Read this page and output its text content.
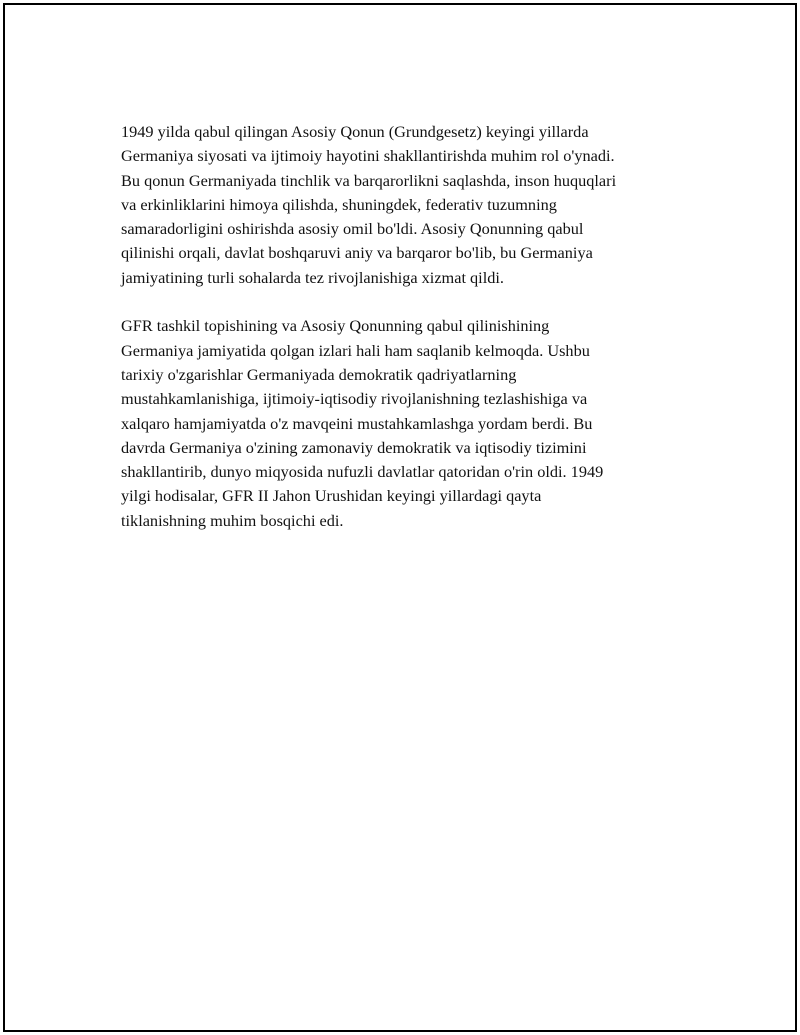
1949 yilda qabul qilingan Asosiy Qonun (Grundgesetz) keyingi yillarda
Germaniya siyosati va ijtimoiy hayotini shakllantirishda muhim rol o'ynadi.
Bu qonun Germaniyada tinchlik va barqarorlikni saqlashda, inson huquqlari
va erkinliklarini himoya qilishda, shuningdek, federativ tuzumning
samaradorligini oshirishda asosiy omil bo'ldi. Asosiy Qonunning qabul
qilinishi orqali, davlat boshqaruvi aniy va barqaror bo'lib, bu Germaniya
jamiyatining turli sohalarda tez rivojlanishiga xizmat qildi.

GFR tashkil topishining va Asosiy Qonunning qabul qilinishining
Germaniya jamiyatida qolgan izlari hali ham saqlanib kelmoqda. Ushbu
tarixiy o'zgarishlar Germaniyada demokratik qadriyatlarning
mustahkamlanishiga, ijtimoiy-iqtisodiy rivojlanishning tezlashishiga va
xalqaro hamjamiyatda o'z mavqeini mustahkamlashga yordam berdi. Bu
davrda Germaniya o'zining zamonaviy demokratik va iqtisodiy tizimini
shakllantirib, dunyo miqyosida nufuzli davlatlar qatoridan o'rin oldi. 1949
yilgi hodisalar, GFR II Jahon Urushidan keyingi yillardagi qayta
tiklanishning muhim bosqichi edi.
